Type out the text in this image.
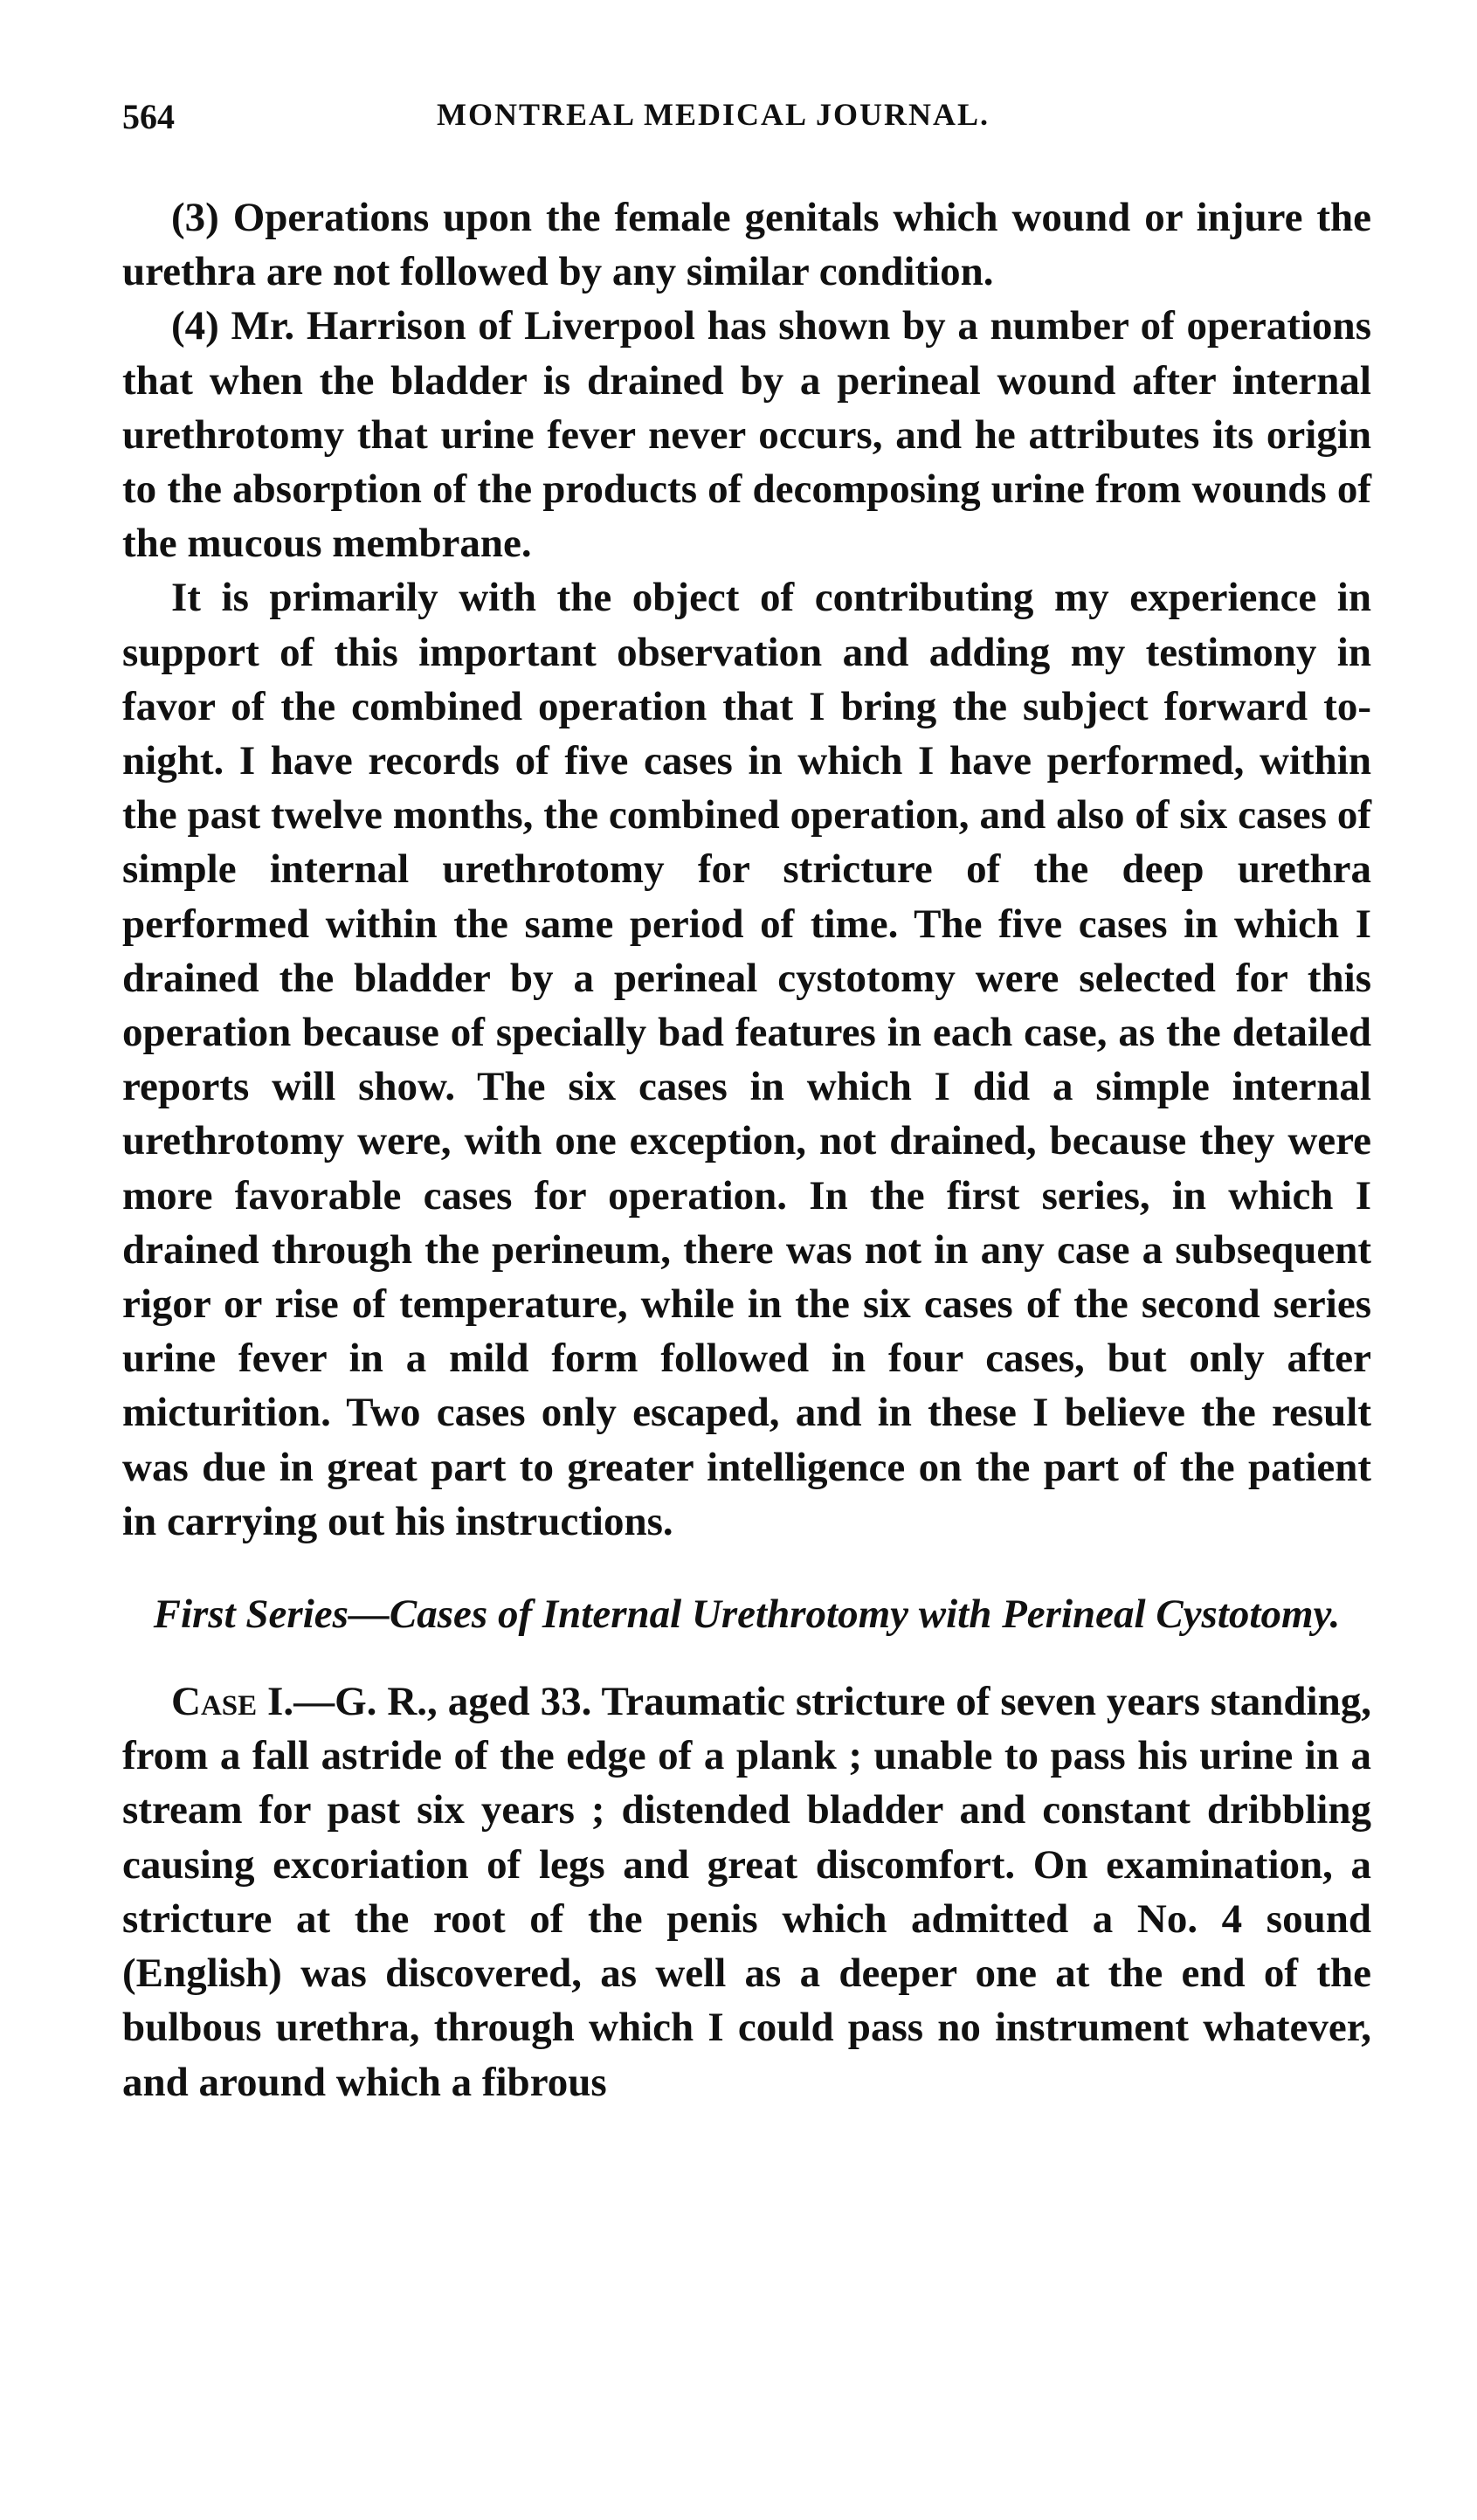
564	MONTREAL MEDICAL JOURNAL.

(3) Operations upon the female genitals which wound or injure the urethra are not followed by any similar condition.

(4) Mr. Harrison of Liverpool has shown by a number of operations that when the bladder is drained by a perineal wound after internal urethrotomy that urine fever never occurs, and he attributes its origin to the absorption of the products of decomposing urine from wounds of the mucous membrane.

It is primarily with the object of contributing my experience in support of this important observation and adding my testimony in favor of the combined operation that I bring the subject forward to-night. I have records of five cases in which I have performed, within the past twelve months, the combined operation, and also of six cases of simple internal urethrotomy for stricture of the deep urethra performed within the same period of time. The five cases in which I drained the bladder by a perineal cystotomy were selected for this operation because of specially bad features in each case, as the detailed reports will show. The six cases in which I did a simple internal urethrotomy were, with one exception, not drained, because they were more favorable cases for operation. In the first series, in which I drained through the perineum, there was not in any case a subsequent rigor or rise of temperature, while in the six cases of the second series urine fever in a mild form followed in four cases, but only after micturition. Two cases only escaped, and in these I believe the result was due in great part to greater intelligence on the part of the patient in carrying out his instructions.

First Series—Cases of Internal Urethrotomy with Perineal Cystotomy.

Case I.—G. R., aged 33. Traumatic stricture of seven years standing, from a fall astride of the edge of a plank ; unable to pass his urine in a stream for past six years ; distended bladder and constant dribbling causing excoriation of legs and great discomfort. On examination, a stricture at the root of the penis which admitted a No. 4 sound (English) was discovered, as well as a deeper one at the end of the bulbous urethra, through which I could pass no instrument whatever, and around which a fibrous
